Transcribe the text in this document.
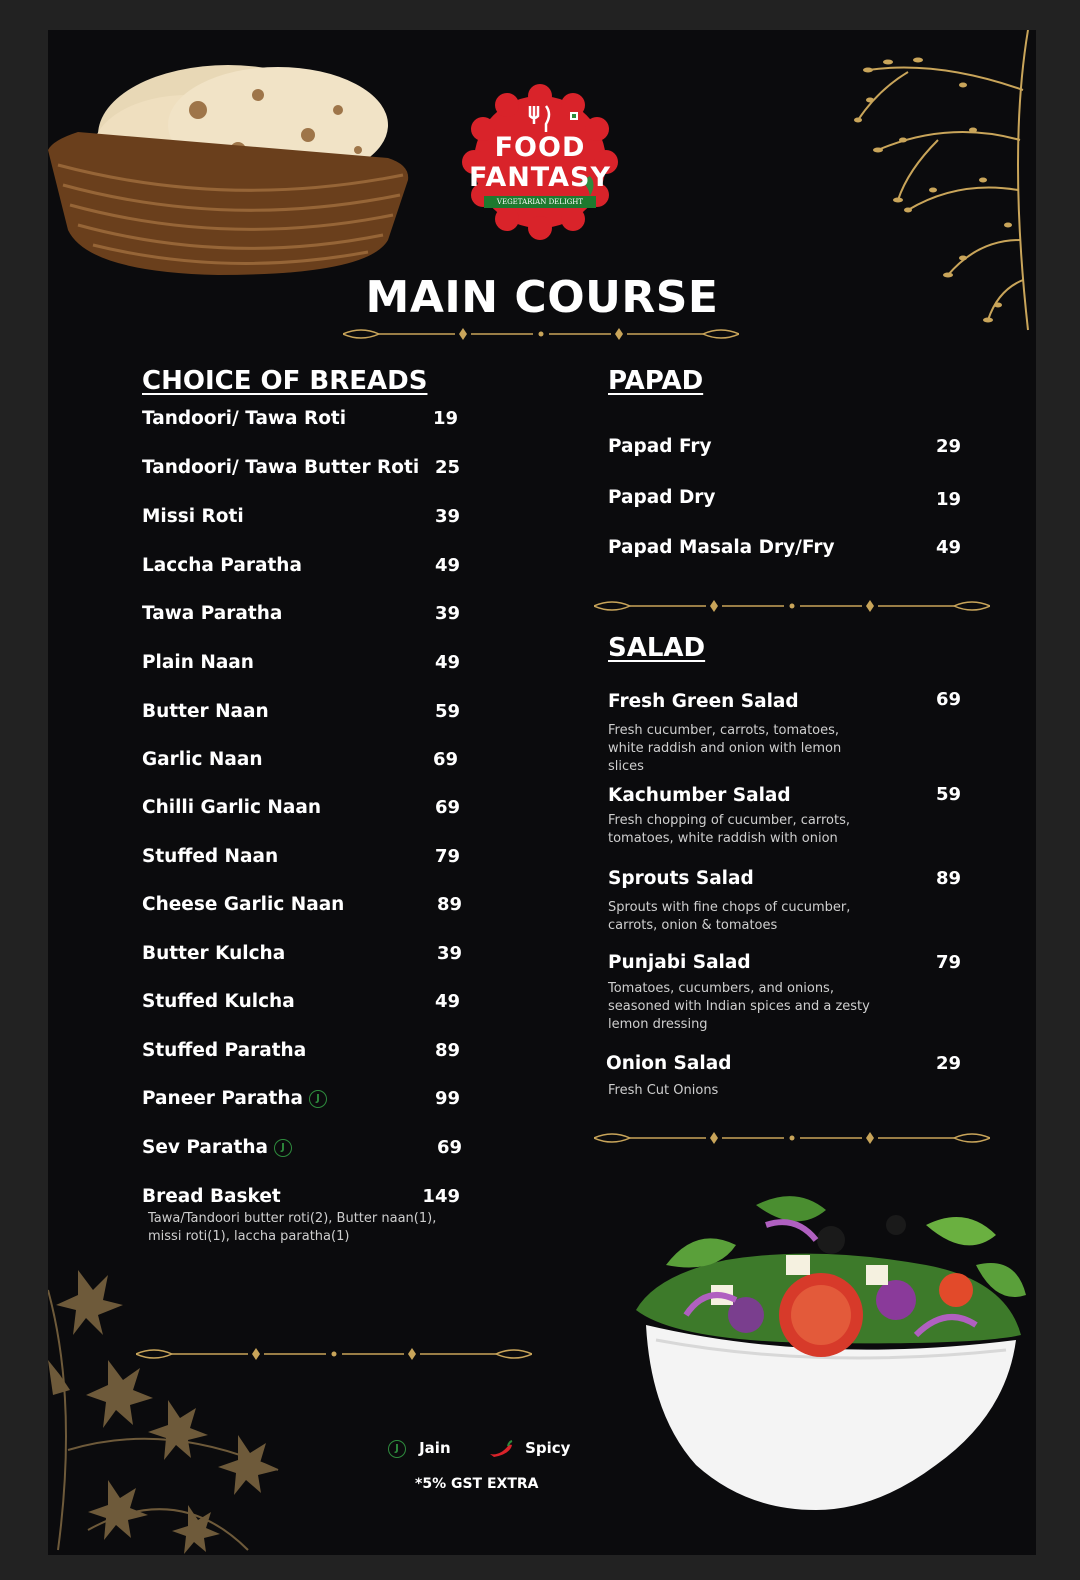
FOOD
FANTASY
VEGETARIAN DELIGHT
MAIN COURSE
CHOICE OF BREADS
Tandoori/ Tawa Roti	19
Tandoori/ Tawa Butter Roti 25
Missi Roti	39
Laccha Paratha	49
Tawa Paratha	39
Plain Naan	49
Butter Naan	59
Garlic Naan	69
Chilli Garlic Naan	69
Stuffed Naan	79
Cheese Garlic Naan	89
Butter Kulcha	39
Stuffed Kulcha	49
Stuffed Paratha	89
Paneer Paratha J	99
Sev Paratha J	69
Bread Basket	149
Tawa/Tandoori butter roti(2), Butter naan(1), missi roti(1), laccha paratha(1)
PAPAD
Papad Fry	29
Papad Dry	19
Papad Masala Dry/Fry	49
SALAD
Fresh Green Salad	69
Fresh cucumber, carrots, tomatoes, white raddish and onion with lemon slices
Kachumber Salad	59
Fresh chopping of cucumber, carrots, tomatoes, white raddish with onion
Sprouts Salad	89
Sprouts with fine chops of cucumber, carrots, onion & tomatoes
Punjabi Salad	79
Tomatoes, cucumbers, and onions, seasoned with Indian spices and a zesty lemon dressing
Onion Salad	29
Fresh Cut Onions
J Jain	Spicy
*5% GST EXTRA
